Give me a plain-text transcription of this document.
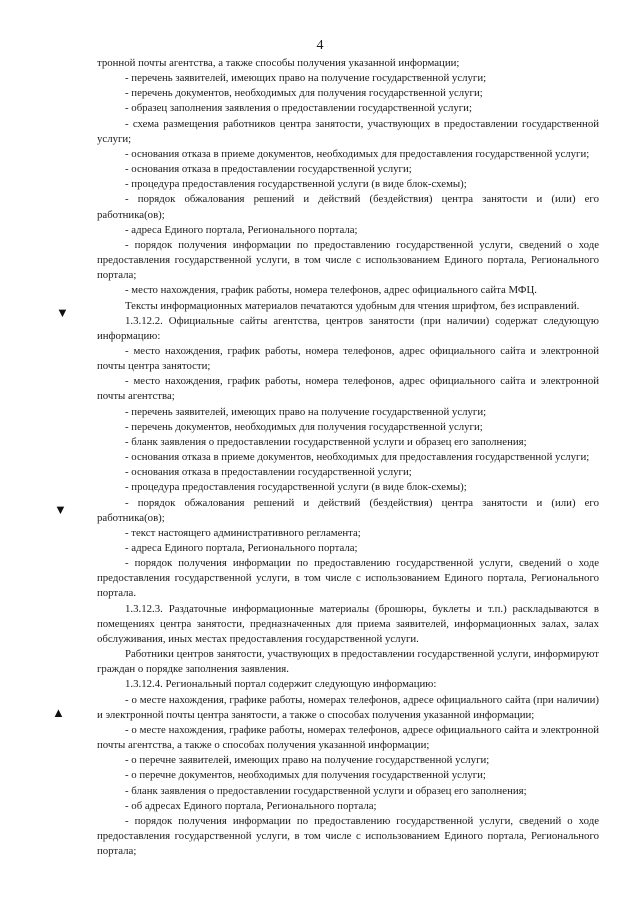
4
▼
▼
▲

тронной почты агентства, а также способы получения указанной информации;

- перечень заявителей, имеющих право на получение государственной услуги;

- перечень документов, необходимых для получения государственной услуги;

- образец заполнения заявления о предоставлении государственной услуги;

- схема размещения работников центра занятости, участвующих в предоставлении государственной услуги;

- основания отказа в приеме документов, необходимых для предоставления государственной услуги;

- основания отказа в предоставлении государственной услуги;

- процедура предоставления государственной услуги (в виде блок-схемы);

- порядок обжалования решений и действий (бездействия) центра занятости и (или) его работника(ов);

- адреса Единого портала, Регионального портала;

- порядок получения информации по предоставлению государственной услуги, сведений о ходе предоставления государственной услуги, в том числе с использованием Единого портала, Регионального портала;

- место нахождения, график работы, номера телефонов, адрес официального сайта МФЦ.

Тексты информационных материалов печатаются удобным для чтения шрифтом, без исправлений.

1.3.12.2. Официальные сайты агентства, центров занятости (при наличии) содержат следующую информацию:

- место нахождения, график работы, номера телефонов, адрес официального сайта и электронной почты центра занятости;

- место нахождения, график работы, номера телефонов, адрес официального сайта и электронной почты агентства;

- перечень заявителей, имеющих право на получение государственной услуги;

- перечень документов, необходимых для получения государственной услуги;

- бланк заявления о предоставлении государственной услуги и образец его заполнения;

- основания отказа в приеме документов, необходимых для предоставления государственной услуги;

- основания отказа в предоставлении государственной услуги;

- процедура предоставления государственной услуги (в виде блок-схемы);

- порядок обжалования решений и действий (бездействия) центра занятости и (или) его работника(ов);

- текст настоящего административного регламента;

- адреса Единого портала, Регионального портала;

- порядок получения информации по предоставлению государственной услуги, сведений о ходе предоставления государственной услуги, в том числе с использованием Единого портала, Регионального портала.

1.3.12.3. Раздаточные информационные материалы (брошюры, буклеты и т.п.) раскладываются в помещениях центра занятости, предназначенных для приема заявителей, информационных залах, залах обслуживания, иных местах предоставления государственной услуги.

Работники центров занятости, участвующих в предоставлении государственной услуги, информируют граждан о порядке заполнения заявления.

1.3.12.4. Региональный портал содержит следующую информацию:

- о месте нахождения, графике работы, номерах телефонов, адресе официального сайта (при наличии) и электронной почты центра занятости, а также о способах получения указанной информации;

- о месте нахождения, графике работы, номерах телефонов, адресе официального сайта и электронной почты агентства, а также о способах получения указанной информации;

- о перечне заявителей, имеющих право на получение государственной услуги;

- о перечне документов, необходимых для получения государственной услуги;

- бланк заявления о предоставлении государственной услуги и образец его заполнения;

- об адресах Единого портала, Регионального портала;

- порядок получения информации по предоставлению государственной услуги, сведений о ходе предоставления государственной услуги, в том числе с использованием Единого портала, Регионального портала;
